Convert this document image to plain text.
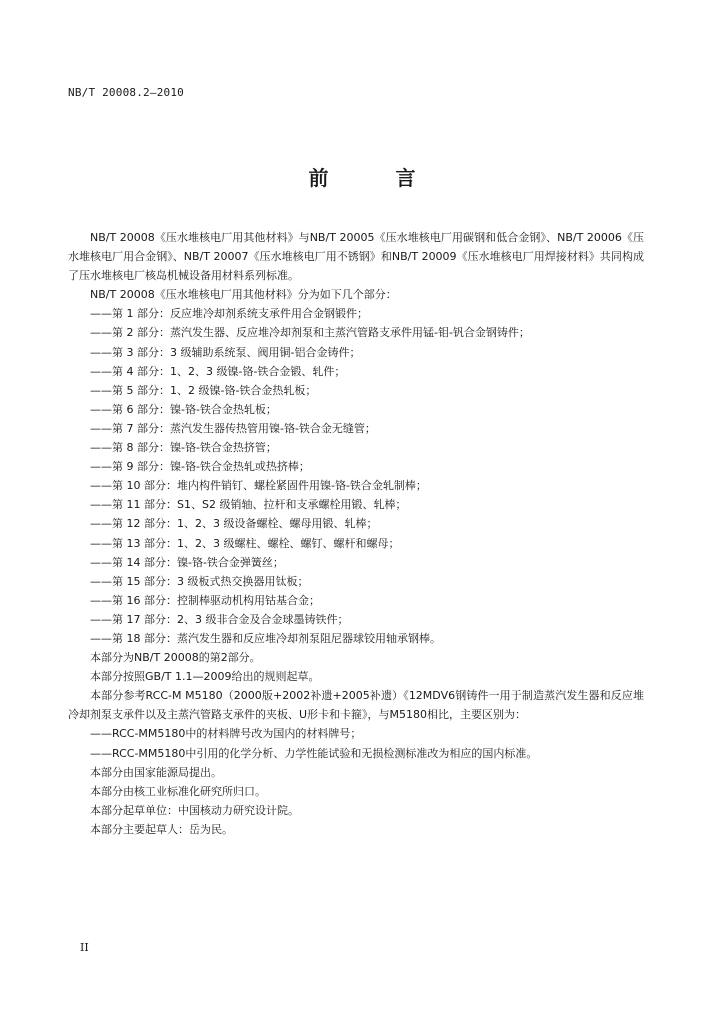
NB/T 20008.2—2010
前 言

NB/T 20008《压水堆核电厂用其他材料》与NB/T 20005《压水堆核电厂用碳钢和低合金钢》、NB/T 20006《压水堆核电厂用合金钢》、NB/T 20007《压水堆核电厂用不锈钢》和NB/T 20009《压水堆核电厂用焊接材料》共同构成了压水堆核电厂核岛机械设备用材料系列标准。

NB/T 20008《压水堆核电厂用其他材料》分为如下几个部分：

——第 1 部分：反应堆冷却剂系统支承件用合金钢锻件；

——第 2 部分：蒸汽发生器、反应堆冷却剂泵和主蒸汽管路支承件用锰-钼-钒合金钢铸件；

——第 3 部分：3 级辅助系统泵、阀用铜-铝合金铸件；

——第 4 部分：1、2、3 级镍-铬-铁合金锻、轧件；

——第 5 部分：1、2 级镍-铬-铁合金热轧板；

——第 6 部分：镍-铬-铁合金热轧板；

——第 7 部分：蒸汽发生器传热管用镍-铬-铁合金无缝管；

——第 8 部分：镍-铬-铁合金热挤管；

——第 9 部分：镍-铬-铁合金热轧或热挤棒；

——第 10 部分：堆内构件销钉、螺栓紧固件用镍-铬-铁合金轧制棒；

——第 11 部分：S1、S2 级销轴、拉杆和支承螺栓用锻、轧棒；

——第 12 部分：1、2、3 级设备螺栓、螺母用锻、轧棒；

——第 13 部分：1、2、3 级螺柱、螺栓、螺钉、螺杆和螺母；

——第 14 部分：镍-铬-铁合金弹簧丝；

——第 15 部分：3 级板式热交换器用钛板；

——第 16 部分：控制棒驱动机构用钴基合金；

——第 17 部分：2、3 级非合金及合金球墨铸铁件；

——第 18 部分：蒸汽发生器和反应堆冷却剂泵阻尼器球铰用轴承钢棒。

本部分为NB/T 20008的第2部分。

本部分按照GB/T 1.1—2009给出的规则起草。

本部分参考RCC-M M5180（2000版+2002补遗+2005补遗）《12MDV6钢铸件一用于制造蒸汽发生器和反应堆冷却剂泵支承件以及主蒸汽管路支承件的夹板、U形卡和卡箍》，与M5180相比，主要区别为：

——RCC-MM5180中的材料牌号改为国内的材料牌号；

——RCC-MM5180中引用的化学分析、力学性能试验和无损检测标准改为相应的国内标准。

本部分由国家能源局提出。

本部分由核工业标准化研究所归口。

本部分起草单位：中国核动力研究设计院。

本部分主要起草人：岳为民。

II
